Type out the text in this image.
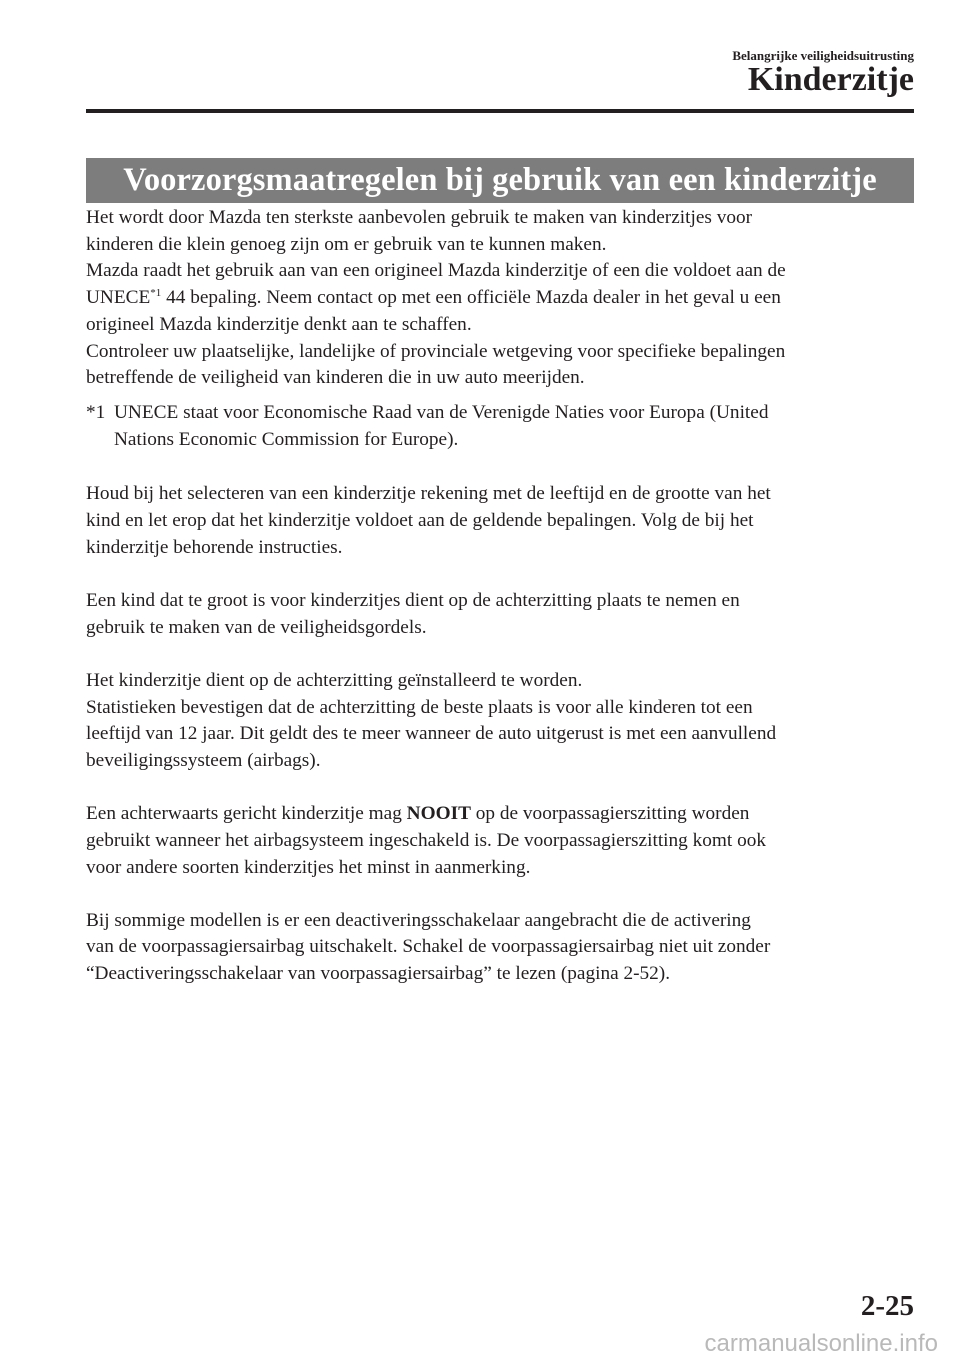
Belangrijke veiligheidsuitrusting
Kinderzitje
Voorzorgsmaatregelen bij gebruik van een kinderzitje

Het wordt door Mazda ten sterkste aanbevolen gebruik te maken van kinderzitjes voor
kinderen die klein genoeg zijn om er gebruik van te kunnen maken.
Mazda raadt het gebruik aan van een origineel Mazda kinderzitje of een die voldoet aan de
UNECE$^{*1}$ 44 bepaling. Neem contact op met een officiële Mazda dealer in het geval u een
origineel Mazda kinderzitje denkt aan te schaffen.
Controleer uw plaatselijke, landelijke of provinciale wetgeving voor specifieke bepalingen
betreffende de veiligheid van kinderen die in uw auto meerijden.

*1 UNECE staat voor Economische Raad van de Verenigde Naties voor Europa (United
Nations Economic Commission for Europe).

Houd bij het selecteren van een kinderzitje rekening met de leeftijd en de grootte van het
kind en let erop dat het kinderzitje voldoet aan de geldende bepalingen. Volg de bij het
kinderzitje behorende instructies.

Een kind dat te groot is voor kinderzitjes dient op de achterzitting plaats te nemen en
gebruik te maken van de veiligheidsgordels.

Het kinderzitje dient op de achterzitting geïnstalleerd te worden.
Statistieken bevestigen dat de achterzitting de beste plaats is voor alle kinderen tot een
leeftijd van 12 jaar. Dit geldt des te meer wanneer de auto uitgerust is met een aanvullend
beveiligingssysteem (airbags).

Een achterwaarts gericht kinderzitje mag NOOIT op de voorpassagierszitting worden
gebruikt wanneer het airbagsysteem ingeschakeld is. De voorpassagierszitting komt ook
voor andere soorten kinderzitjes het minst in aanmerking.

Bij sommige modellen is er een deactiveringsschakelaar aangebracht die de activering
van de voorpassagiersairbag uitschakelt. Schakel de voorpassagiersairbag niet uit zonder
“Deactiveringsschakelaar van voorpassagiersairbag” te lezen (pagina 2-52).

2-25
carmanualsonline.info
